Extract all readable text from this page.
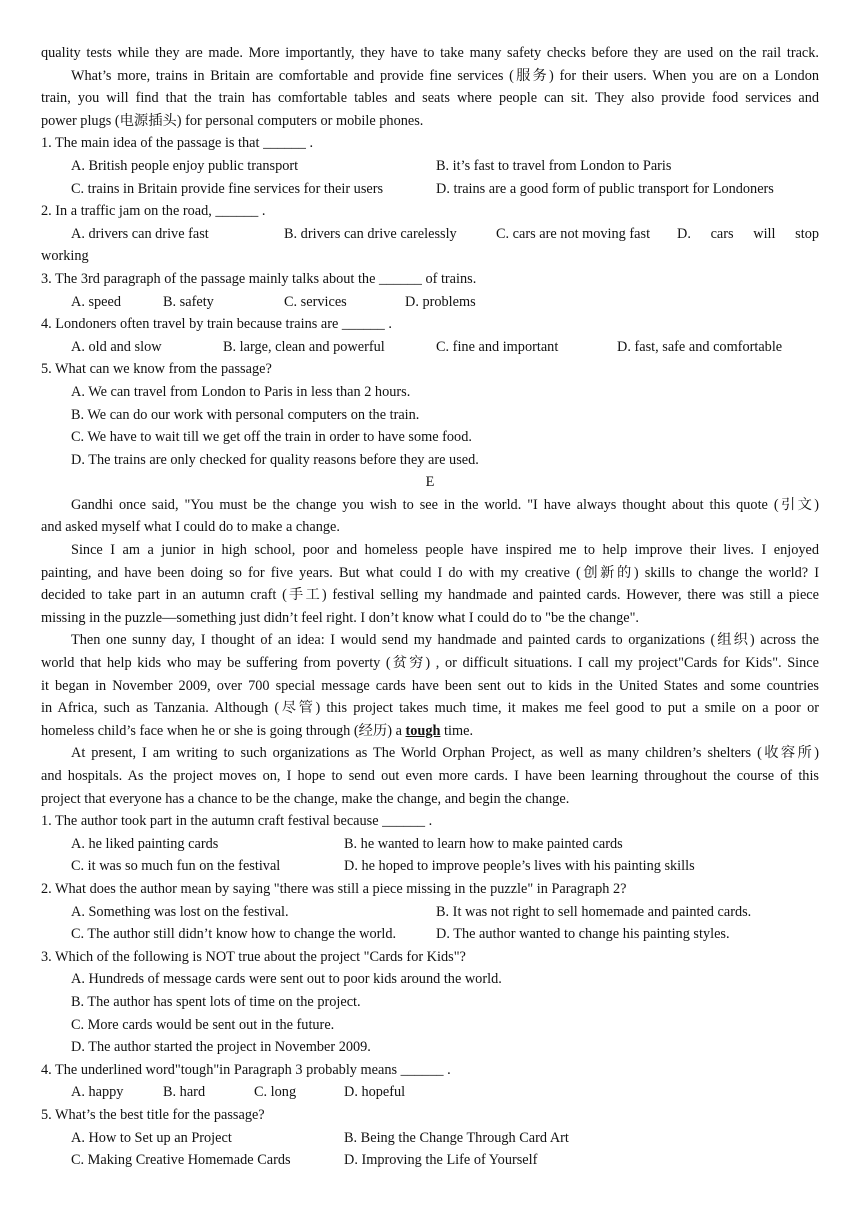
quality tests while they are made. More importantly, they have to take many safety checks before they are used on the rail track.
What’s more, trains in Britain are comfortable and provide fine services (服务) for their users. When you are on a London
train, you will find that the train has comfortable tables and seats where people can sit. They also provide food services and
power plugs (电源插头) for personal computers or mobile phones.
1. The main idea of the passage is that ______ .
A. British people enjoy public transport	B. it’s fast to travel from London to Paris
C. trains in Britain provide fine services for their users	D. trains are a good form of public transport for Londoners
2. In a traffic jam on the road, ______ .
A. drivers can drive fast	B. drivers can drive carelessly	C. cars are not moving fast D. cars will stop
working
3. The 3rd paragraph of the passage mainly talks about the ______ of trains.
A. speed	B. safety	C. services	D. problems
4. Londoners often travel by train because trains are ______ .
A. old and slow	B. large, clean and powerful	C. fine and important	D. fast, safe and comfortable
5. What can we know from the passage?
A. We can travel from London to Paris in less than 2 hours.
B. We can do our work with personal computers on the train.
C. We have to wait till we get off the train in order to have some food.
D. The trains are only checked for quality reasons before they are used.
E
Gandhi once said, "You must be the change you wish to see in the world. "I have always thought about this quote (引文)
and asked myself what I could do to make a change.
Since I am a junior in high school, poor and homeless people have inspired me to help improve their lives. I enjoyed
painting, and have been doing so for five years. But what could I do with my creative (创新的) skills to change the world? I
decided to take part in an autumn craft (手工) festival selling my handmade and painted cards. However, there was still a piece
missing in the puzzle—something just didn’t feel right. I don’t know what I could do to "be the change".
Then one sunny day, I thought of an idea: I would send my handmade and painted cards to organizations (组织) across the
world that help kids who may be suffering from poverty (贫穷) , or difficult situations. I call my project"Cards for Kids". Since
it began in November 2009, over 700 special message cards have been sent out to kids in the United States and some countries
in Africa, such as Tanzania. Although (尽管) this project takes much time, it makes me feel good to put a smile on a poor or
homeless child’s face when he or she is going through (经历) a tough time.
At present, I am writing to such organizations as The World Orphan Project, as well as many children’s shelters (收容所)
and hospitals. As the project moves on, I hope to send out even more cards. I have been learning throughout the course of this
project that everyone has a chance to be the change, make the change, and begin the change.
1. The author took part in the autumn craft festival because ______ .
A. he liked painting cards	B. he wanted to learn how to make painted cards
C. it was so much fun on the festival	D. he hoped to improve people’s lives with his painting skills
2. What does the author mean by saying "there was still a piece missing in the puzzle" in Paragraph 2?
A. Something was lost on the festival.	B. It was not right to sell homemade and painted cards.
C. The author still didn’t know how to change the world.	D. The author wanted to change his painting styles.
3. Which of the following is NOT true about the project "Cards for Kids"?
A. Hundreds of message cards were sent out to poor kids around the world.
B. The author has spent lots of time on the project.
C. More cards would be sent out in the future.
D. The author started the project in November 2009.
4. The underlined word"tough"in Paragraph 3 probably means ______ .
A. happy	B. hard	C. long	D. hopeful
5. What’s the best title for the passage?
A. How to Set up an Project	B. Being the Change Through Card Art
C. Making Creative Homemade Cards	D. Improving the Life of Yourself
